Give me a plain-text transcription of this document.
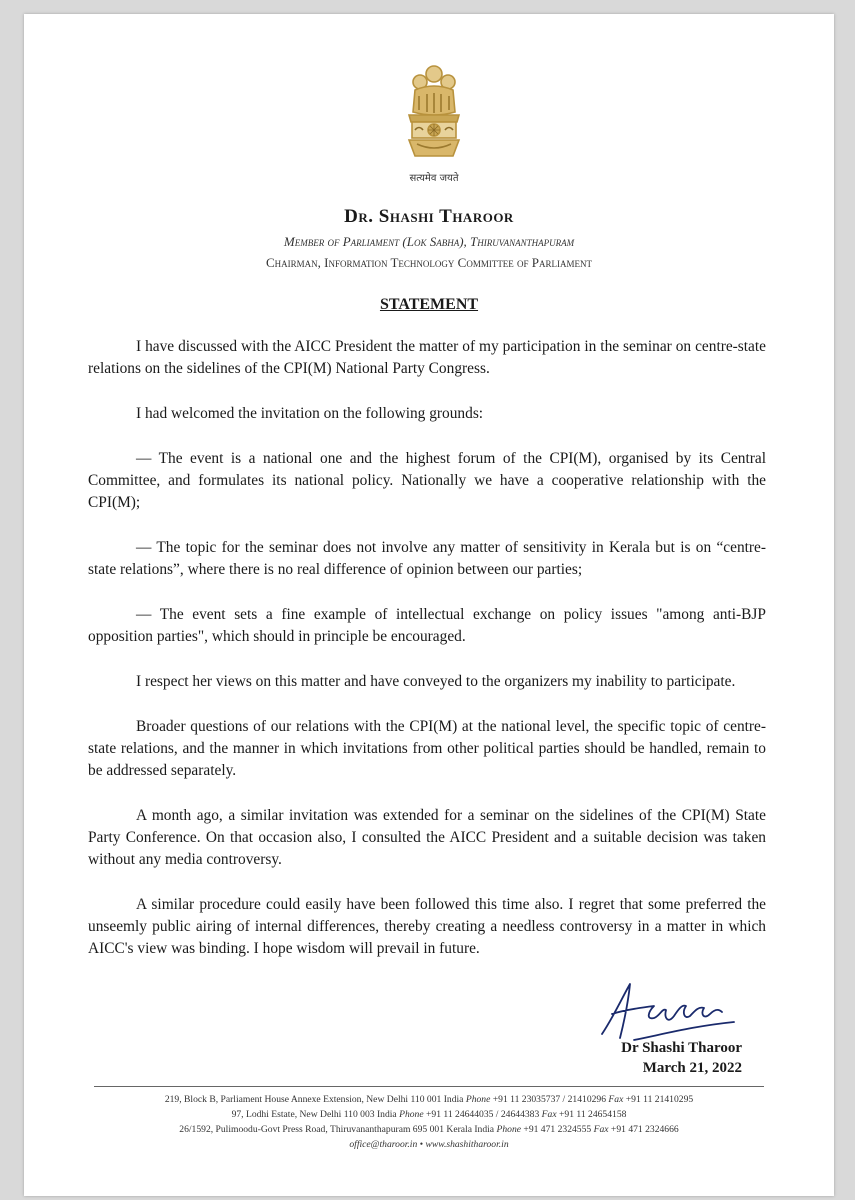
सत्यमेव जयते
Dr. Shashi Tharoor
Member of Parliament (Lok Sabha), Thiruvananthapuram
Chairman, Information Technology Committee of Parliament
STATEMENT

I have discussed with the AICC President the matter of my participation in the seminar on centre-state relations on the sidelines of the CPI(M) National Party Congress.

I had welcomed the invitation on the following grounds:

— The event is a national one and the highest forum of the CPI(M), organised by its Central Committee, and formulates its national policy. Nationally we have a cooperative relationship with the CPI(M);

— The topic for the seminar does not involve any matter of sensitivity in Kerala but is on “centre-state relations”, where there is no real difference of opinion between our parties;

— The event sets a fine example of intellectual exchange on policy issues "among anti-BJP opposition parties", which should in principle be encouraged.

I respect her views on this matter and have conveyed to the organizers my inability to participate.

Broader questions of our relations with the CPI(M) at the national level, the specific topic of centre-state relations, and the manner in which invitations from other political parties should be handled, remain to be addressed separately.

A month ago, a similar invitation was extended for a seminar on the sidelines of the CPI(M) State Party Conference. On that occasion also, I consulted the AICC President and a suitable decision was taken without any media controversy.

A similar procedure could easily have been followed this time also. I regret that some preferred the unseemly public airing of internal differences, thereby creating a needless controversy in a matter in which AICC's view was binding. I hope wisdom will prevail in future.

Dr Shashi Tharoor
March 21, 2022
219, Block B, Parliament House Annexe Extension, New Delhi 110 001 India Phone +91 11 23035737 / 21410296 Fax +91 11 21410295
97, Lodhi Estate, New Delhi 110 003 India Phone +91 11 24644035 / 24644383 Fax +91 11 24654158
26/1592, Pulimoodu-Govt Press Road, Thiruvananthapuram 695 001 Kerala India Phone +91 471 2324555 Fax +91 471 2324666
office@tharoor.in • www.shashitharoor.in
